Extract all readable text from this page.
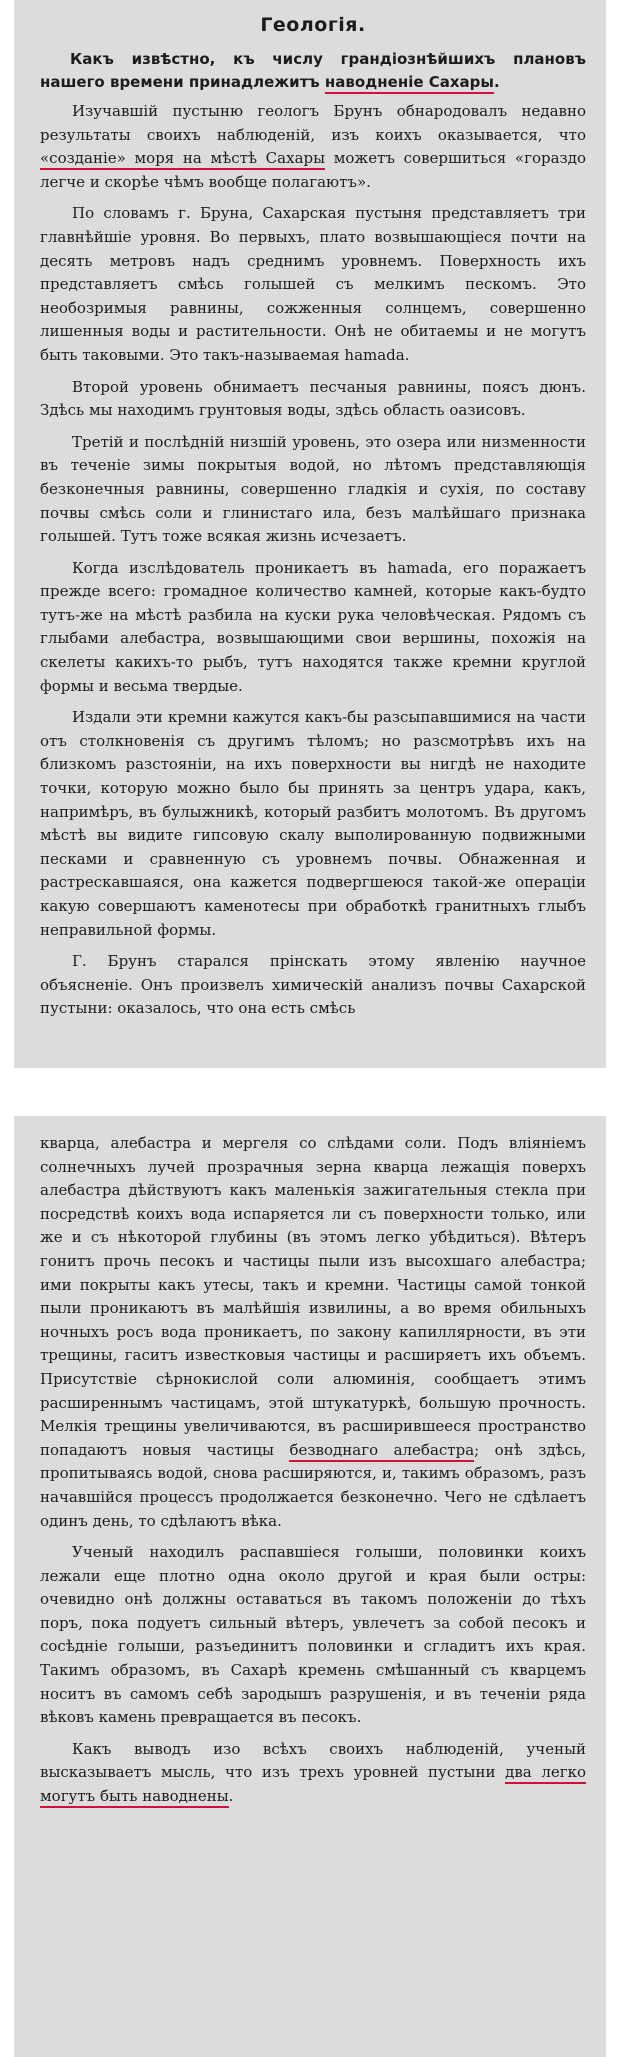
Геологія.
Какъ извѣстно, къ числу грандіознѣйшихъ плановъ нашего времени принадлежитъ наводненіе Сахары.

Изучавшій пустыню геологъ Брунъ обнародовалъ недавно результаты своихъ наблюденій, изъ коихъ оказывается, что «созданіе» моря на мѣстѣ Сахары можетъ совершиться «гораздо легче и скорѣе чѣмъ вообще полагаютъ».

По словамъ г. Бруна, Сахарская пустыня представляетъ три главнѣйшіе уровня. Во первыхъ, плато возвышающіеся почти на десять метровъ надъ среднимъ уровнемъ. Поверхность ихъ представляетъ смѣсь голышей съ мелкимъ пескомъ. Это необозримыя равнины, сожженныя солнцемъ, совершенно лишенныя воды и растительности. Онѣ не обитаемы и не могутъ быть таковыми. Это такъ-называемая hamada.

Второй уровень обнимаетъ песчаныя равнины, поясъ дюнъ. Здѣсь мы находимъ грунтовыя воды, здѣсь область оазисовъ.

Третій и послѣдній низшій уровень, это озера или низменности въ теченіе зимы покрытыя водой, но лѣтомъ представляющія безконечныя равнины, совершенно гладкія и сухія, по составу почвы смѣсь соли и глинистаго ила, безъ малѣйшаго признака голышей. Тутъ тоже всякая жизнь исчезаетъ.

Когда изслѣдователь проникаетъ въ hamada, его поражаетъ прежде всего: громадное количество камней, которые какъ-будто тутъ-же на мѣстѣ разбила на куски рука человѣческая. Рядомъ съ глыбами алебастра, возвышающими свои вершины, похожія на скелеты какихъ-то рыбъ, тутъ находятся также кремни круглой формы и весьма твердые.

Издали эти кремни кажутся какъ-бы разсыпавшимися на части отъ столкновенія съ другимъ тѣломъ; но разсмотрѣвъ ихъ на близкомъ разстояніи, на ихъ поверхности вы нигдѣ не находите точки, которую можно было бы принять за центръ удара, какъ, напримѣръ, въ булыжникѣ, который разбитъ молотомъ. Въ другомъ мѣстѣ вы видите гипсовую скалу выполированную подвижными песками и сравненную съ уровнемъ почвы. Обнаженная и растрескавшаяся, она кажется подвергшеюся такой-же операціи какую совершаютъ каменотесы при обработкѣ гранитныхъ глыбъ неправильной формы.

Г. Брунъ старался прінскать этому явленію научное объясненіе. Онъ произвелъ химическій анализъ почвы Сахарской пустыни: оказалось, что она есть смѣсь

кварца, алебастра и мергеля со слѣдами соли. Подъ вліяніемъ солнечныхъ лучей прозрачныя зерна кварца лежащія поверхъ алебастра дѣйствуютъ какъ маленькія зажигательныя стекла при посредствѣ коихъ вода испаряется ли съ поверхности только, или же и съ нѣкоторой глубины (въ этомъ легко убѣдиться). Вѣтеръ гонитъ прочь песокъ и частицы пыли изъ высохшаго алебастра; ими покрыты какъ утесы, такъ и кремни. Частицы самой тонкой пыли проникаютъ въ малѣйшія извилины, а во время обильныхъ ночныхъ росъ вода проникаетъ, по закону капиллярности, въ эти трещины, гаситъ известковыя частицы и расширяетъ ихъ объемъ. Присутствіе сѣрнокислой соли алюминія, сообщаетъ этимъ расширеннымъ частицамъ, этой штукатуркѣ, большую прочность. Мелкія трещины увеличиваются, въ расширившееся пространство попадаютъ новыя частицы безводнаго алебастра; онѣ здѣсь, пропитываясь водой, снова расширяются, и, такимъ образомъ, разъ начавшійся процессъ продолжается безконечно. Чего не сдѣлаетъ одинъ день, то сдѣлаютъ вѣка.

Ученый находилъ распавшіеся голыши, половинки коихъ лежали еще плотно одна около другой и края были остры: очевидно онѣ должны оставаться въ такомъ положеніи до тѣхъ поръ, пока подуетъ сильный вѣтеръ, увлечетъ за собой песокъ и сосѣдніе голыши, разъединитъ половинки и сгладитъ ихъ края. Такимъ образомъ, въ Сахарѣ кремень смѣшанный съ кварцемъ носитъ въ самомъ себѣ зародышъ разрушенія, и въ теченіи ряда вѣковъ камень превращается въ песокъ.

Какъ выводъ изо всѣхъ своихъ наблюденій, ученый высказываетъ мысль, что изъ трехъ уровней пустыни два легко могутъ быть наводнены.
